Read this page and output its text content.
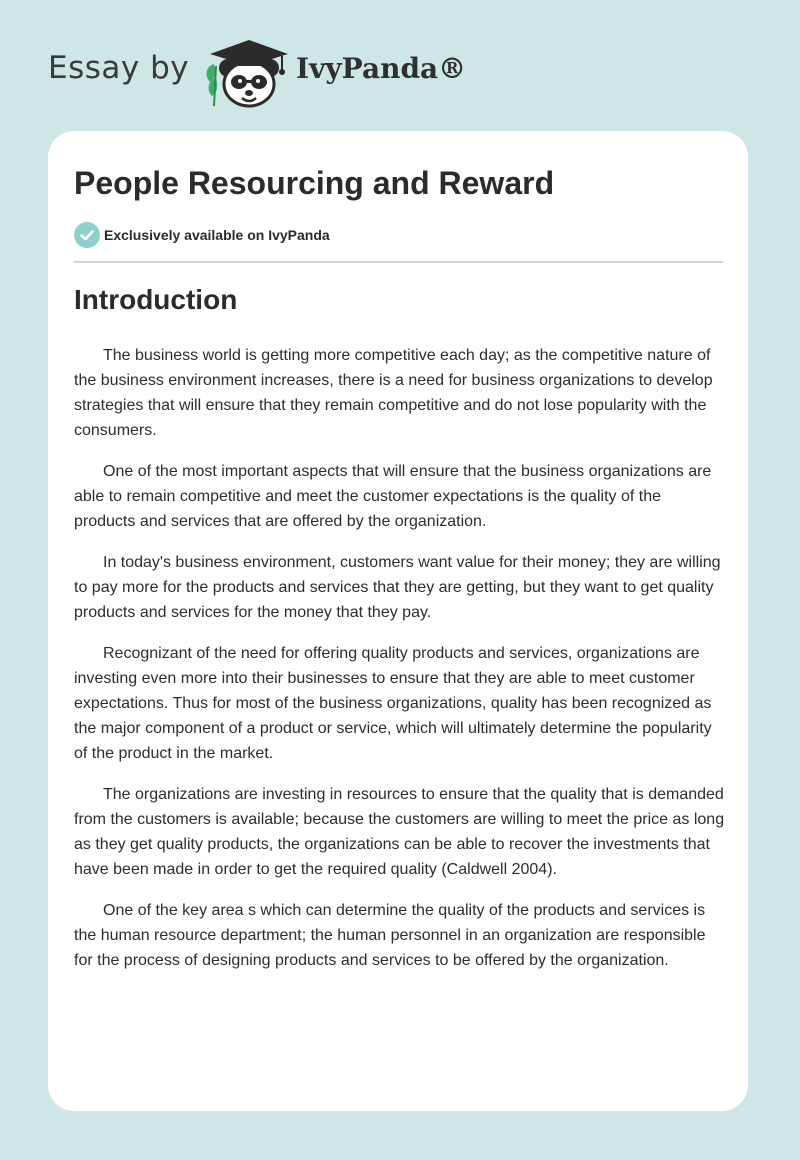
Essay by	IvyPanda®
People Resourcing and Reward
Exclusively available on IvyPanda
Introduction

The business world is getting more competitive each day; as the competitive nature of the business environment increases, there is a need for business organizations to develop strategies that will ensure that they remain competitive and do not lose popularity with the consumers.

One of the most important aspects that will ensure that the business organizations are able to remain competitive and meet the customer expectations is the quality of the products and services that are offered by the organization.

In today's business environment, customers want value for their money; they are willing to pay more for the products and services that they are getting, but they want to get quality products and services for the money that they pay.

Recognizant of the need for offering quality products and services, organizations are investing even more into their businesses to ensure that they are able to meet customer expectations. Thus for most of the business organizations, quality has been recognized as the major component of a product or service, which will ultimately determine the popularity of the product in the market.

The organizations are investing in resources to ensure that the quality that is demanded from the customers is available; because the customers are willing to meet the price as long as they get quality products, the organizations can be able to recover the investments that have been made in order to get the required quality (Caldwell 2004).

One of the key area s which can determine the quality of the products and services is the human resource department; the human personnel in an organization are responsible for the process of designing products and services to be offered by the organization.
